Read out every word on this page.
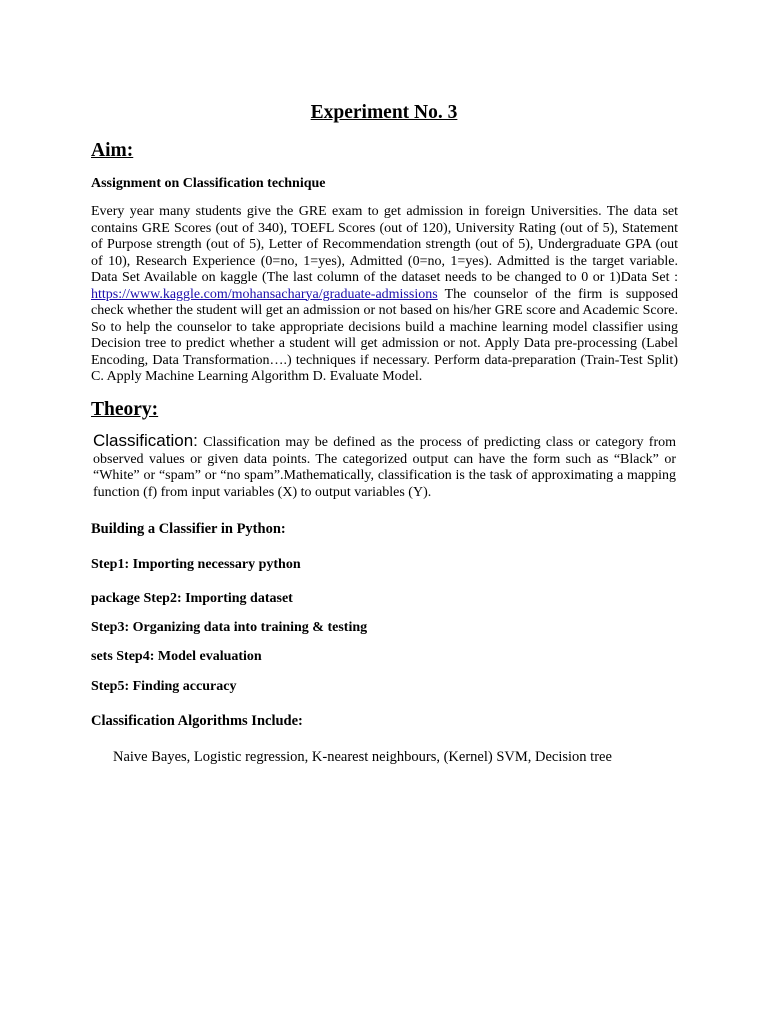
Experiment No. 3
Aim:

Assignment on Classification technique

Every year many students give the GRE exam to get admission in foreign Universities. The data set contains GRE Scores (out of 340), TOEFL Scores (out of 120), University Rating (out of 5), Statement of Purpose strength (out of 5), Letter of Recommendation strength (out of 5), Undergraduate GPA (out of 10), Research Experience (0=no, 1=yes), Admitted (0=no, 1=yes). Admitted is the target variable. Data Set Available on kaggle (The last column of the dataset needs to be changed to 0 or 1)Data Set : https://www.kaggle.com/mohansacharya/graduate-admissions The counselor of the firm is supposed check whether the student will get an admission or not based on his/her GRE score and Academic Score. So to help the counselor to take appropriate decisions build a machine learning model classifier using Decision tree to predict whether a student will get admission or not. Apply Data pre-processing (Label Encoding, Data Transformation….) techniques if necessary. Perform data-preparation (Train-Test Split) C. Apply Machine Learning Algorithm D. Evaluate Model.

Theory:

Classification: Classification may be defined as the process of predicting class or category from observed values or given data points. The categorized output can have the form such as “Black” or “White” or “spam” or “no spam”.Mathematically, classification is the task of approximating a mapping function (f) from input variables (X) to output variables (Y).

Building a Classifier in Python:

Step1: Importing necessary python

package Step2: Importing dataset

Step3: Organizing data into training & testing

sets Step4: Model evaluation

Step5: Finding accuracy

Classification Algorithms Include:

Naive Bayes, Logistic regression, K-nearest neighbours, (Kernel) SVM, Decision tree
